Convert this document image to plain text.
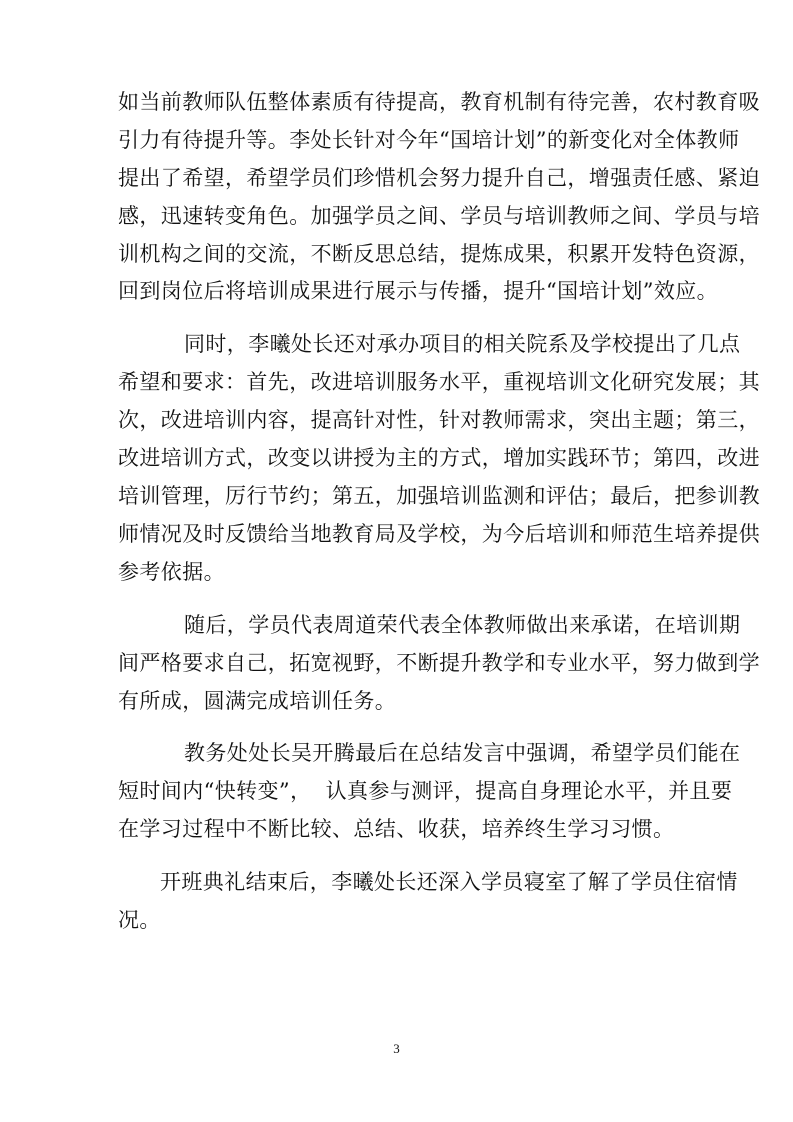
如当前教师队伍整体素质有待提高，教育机制有待完善，农村教育吸
引力有待提升等。李处长针对今年“国培计划”的新变化对全体教师
提出了希望，希望学员们珍惜机会努力提升自己，增强责任感、紧迫
感，迅速转变角色。加强学员之间、学员与培训教师之间、学员与培
训机构之间的交流，不断反思总结，提炼成果，积累开发特色资源，
回到岗位后将培训成果进行展示与传播，提升“国培计划”效应。
同时，李曦处长还对承办项目的相关院系及学校提出了几点
希望和要求：首先，改进培训服务水平，重视培训文化研究发展；其
次，改进培训内容，提高针对性，针对教师需求，突出主题；第三，
改进培训方式，改变以讲授为主的方式，增加实践环节；第四，改进
培训管理，厉行节约；第五，加强培训监测和评估；最后，把参训教
师情况及时反馈给当地教育局及学校，为今后培训和师范生培养提供
参考依据。
随后，学员代表周道荣代表全体教师做出来承诺，在培训期
间严格要求自己，拓宽视野，不断提升教学和专业水平，努力做到学
有所成，圆满完成培训任务。
教务处处长吴开腾最后在总结发言中强调，希望学员们能在
短时间内“快转变”，  认真参与测评，提高自身理论水平，并且要
在学习过程中不断比较、总结、收获，培养终生学习习惯。
开班典礼结束后，李曦处长还深入学员寝室了解了学员住宿情
况。
3
